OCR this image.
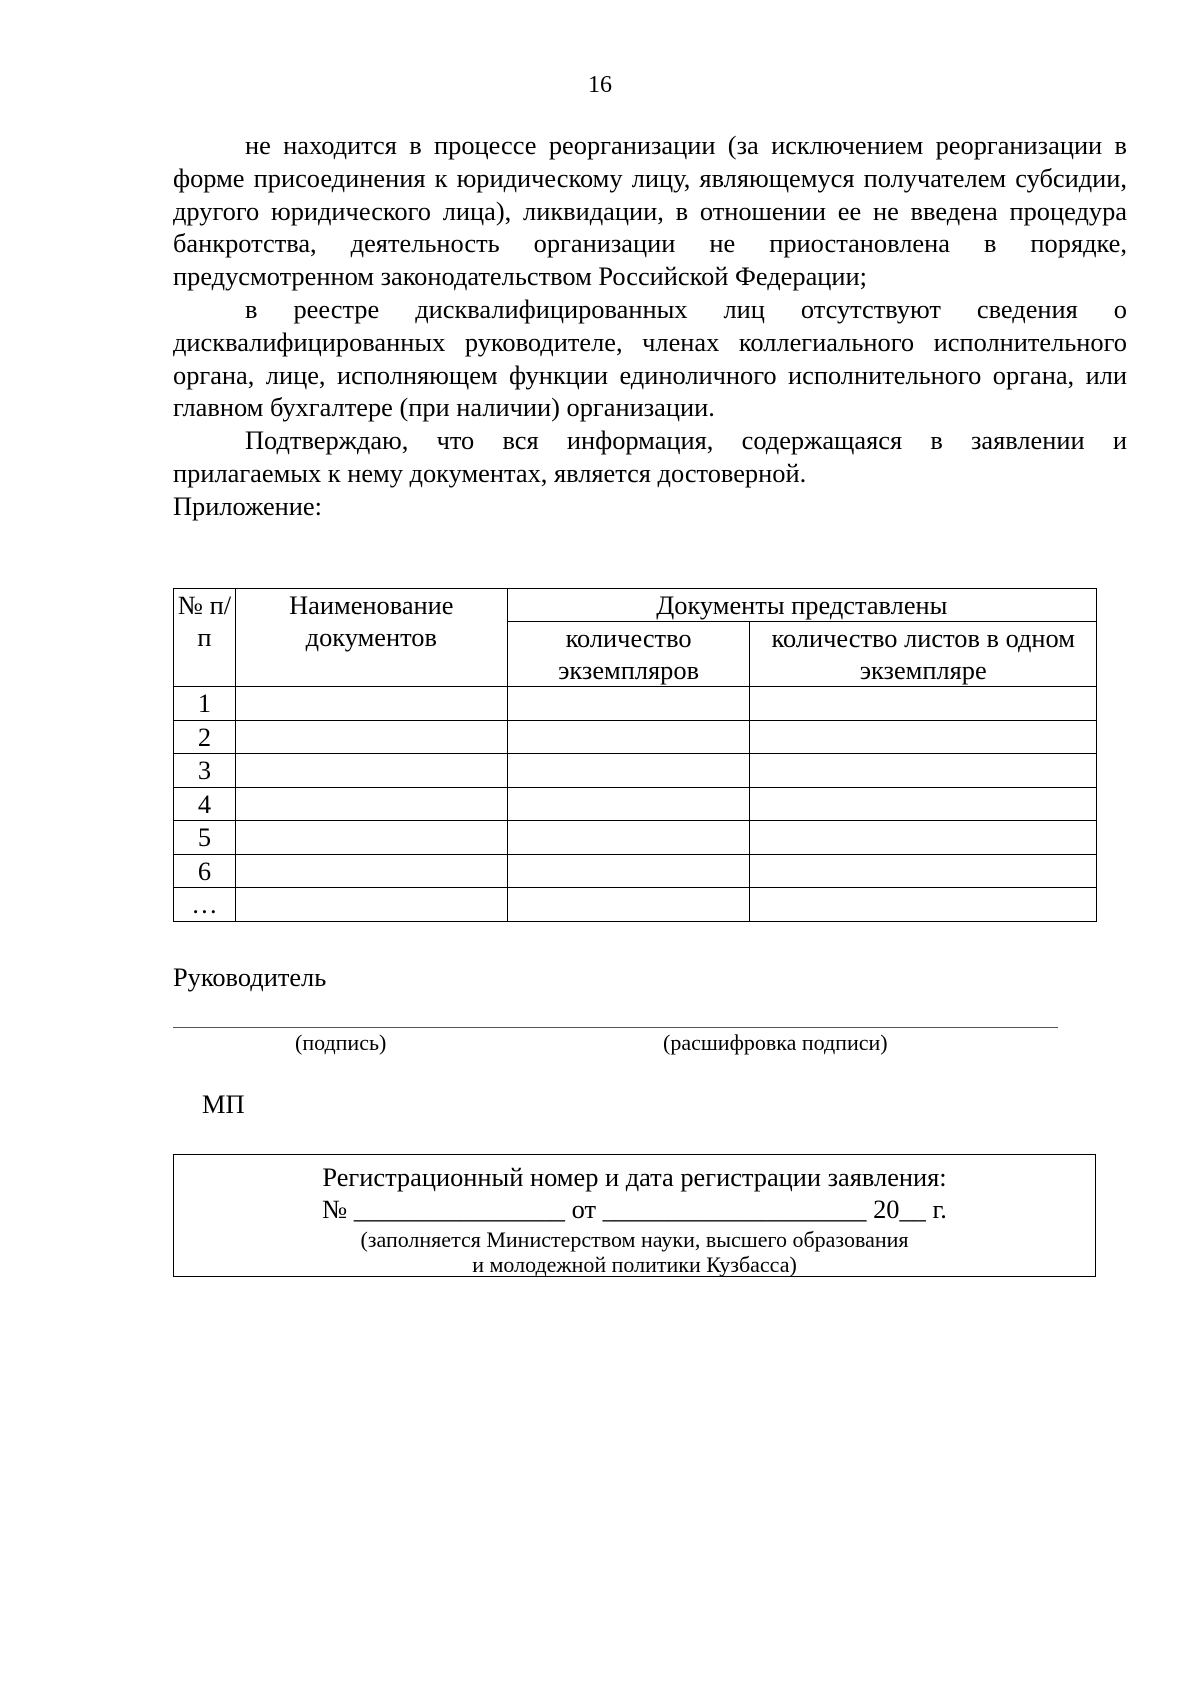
16

не находится в процессе реорганизации (за исключением реорганизации в форме присоединения к юридическому лицу, являющемуся получателем субсидии, другого юридического лица), ликвидации, в отношении ее не введена процедура банкротства, деятельность организации не приостановлена в порядке, предусмотренном законодательством Российской Федерации;

в реестре дисквалифицированных лиц отсутствуют сведения о дисквалифицированных руководителе, членах коллегиального исполнительного органа, лице, исполняющем функции единоличного исполнительного органа, или главном бухгалтере (при наличии) организации.

Подтверждаю, что вся информация, содержащаяся в заявлении и прилагаемых к нему документах, является достоверной.

Приложение:

№ п/п	Наименование документов	Документы представлены	
		количество экземпляров	количество листов в одном экземпляре
1			
2			
3			
4			
5			
6			
…			
Руководитель
(подпись)	(расшифровка подписи)
МП
Регистрационный номер и дата регистрации заявления:
№ ________________ от ____________________ 20__ г.
(заполняется Министерством науки, высшего образования
и молодежной политики Кузбасса)
